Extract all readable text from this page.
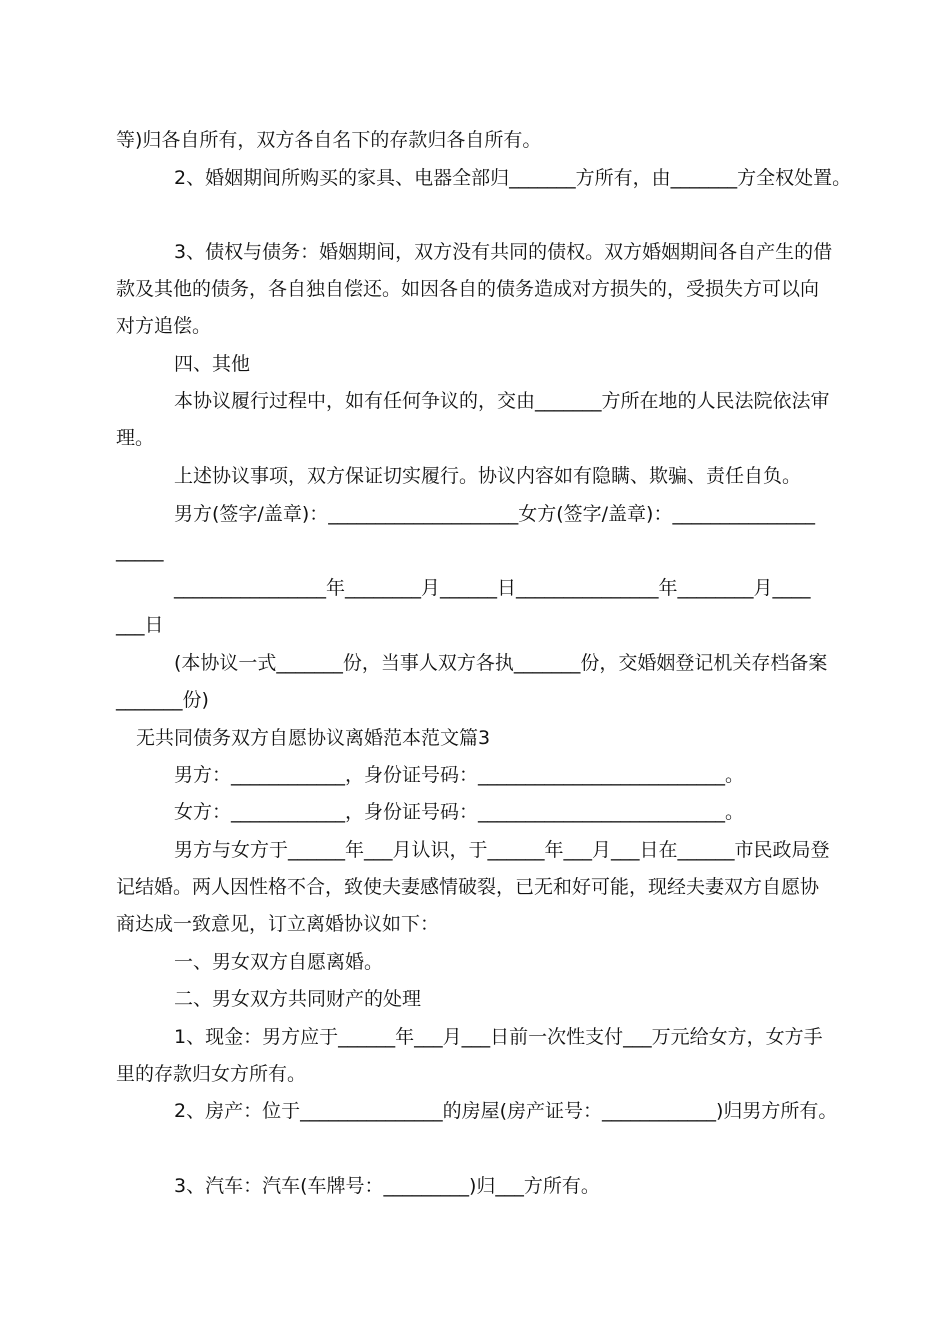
等)归各自所有，双方各自名下的存款归各自所有。
2、婚姻期间所购买的家具、电器全部归_______方所有，由_______方全权处置。
3、债权与债务：婚姻期间，双方没有共同的债权。双方婚姻期间各自产生的借
款及其他的债务，各自独自偿还。如因各自的债务造成对方损失的，受损失方可以向
对方追偿。
四、其他
本协议履行过程中，如有任何争议的，交由_______方所在地的人民法院依法审
理。
上述协议事项，双方保证切实履行。协议内容如有隐瞒、欺骗、责任自负。
男方(签字/盖章)：____________________女方(签字/盖章)：_______________
_____
________________年________月______日_______________年________月____
___日
(本协议一式_______份，当事人双方各执_______份，交婚姻登记机关存档备案
_______份)
无共同债务双方自愿协议离婚范本范文篇3
男方：____________，身份证号码：__________________________。
女方：____________，身份证号码：__________________________。
男方与女方于______年___月认识，于______年___月___日在______市民政局登
记结婚。两人因性格不合，致使夫妻感情破裂，已无和好可能，现经夫妻双方自愿协
商达成一致意见，订立离婚协议如下：
一、男女双方自愿离婚。
二、男女双方共同财产的处理
1、现金：男方应于______年___月___日前一次性支付___万元给女方，女方手
里的存款归女方所有。
2、房产：位于_______________的房屋(房产证号：____________)归男方所有。
3、汽车：汽车(车牌号：_________)归___方所有。
